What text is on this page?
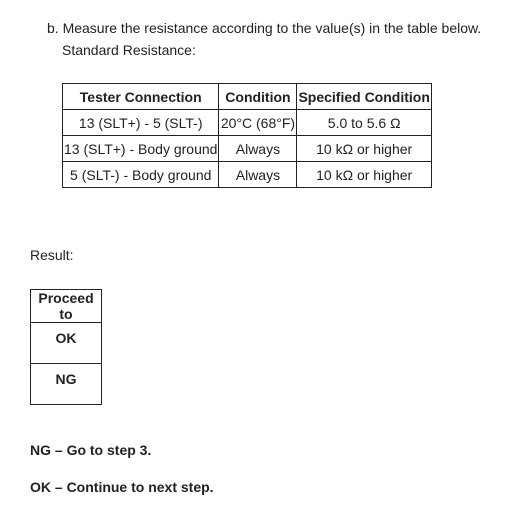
b. Measure the resistance according to the value(s) in the table below.
Standard Resistance:
Tester Connection	Condition	Specified Condition
13 (SLT+) - 5 (SLT-)	20°C (68°F)	5.0 to 5.6 Ω
13 (SLT+) - Body ground	Always	10 kΩ or higher
5 (SLT-) - Body ground	Always	10 kΩ or higher
Result:
Proceed to
OK
NG
NG – Go to step 3.
OK – Continue to next step.
